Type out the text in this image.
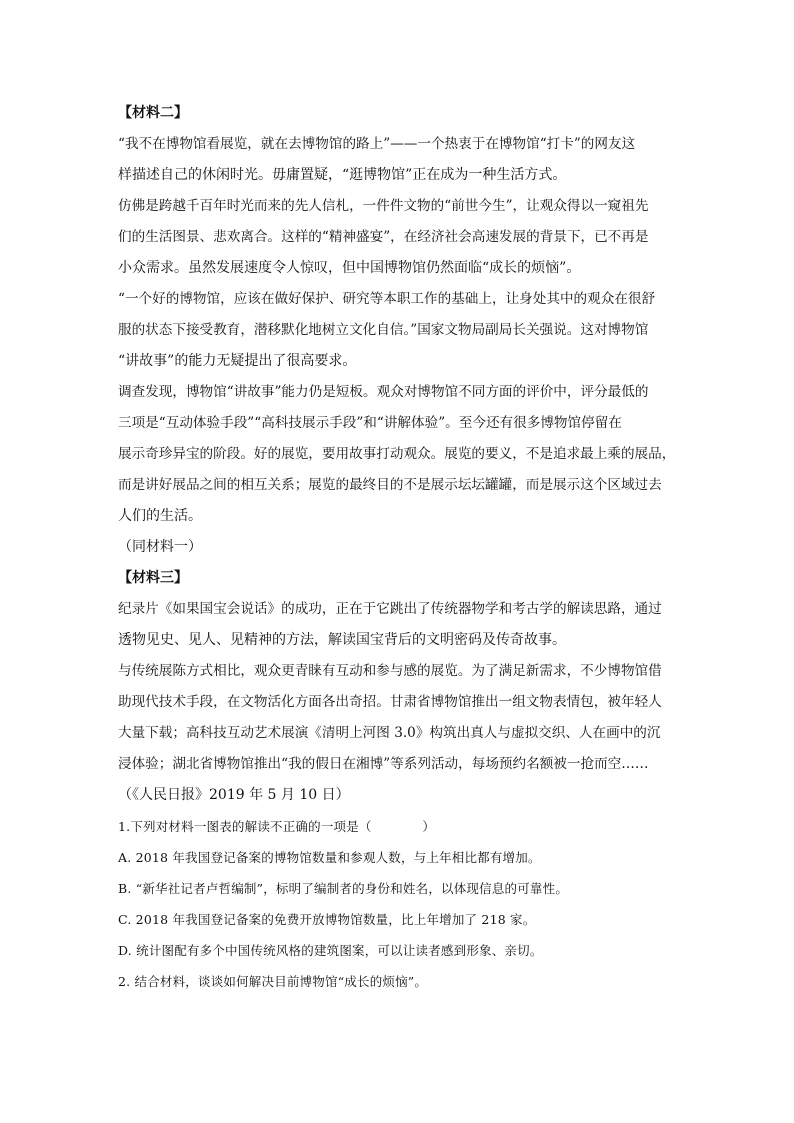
【材料二】
“我不在博物馆看展览，就在去博物馆的路上”——一个热衷于在博物馆“打卡”的网友这
样描述自己的休闲时光。毋庸置疑，“逛博物馆”正在成为一种生活方式。
仿佛是跨越千百年时光而来的先人信札，一件件文物的“前世今生”，让观众得以一窥祖先
们的生活图景、悲欢离合。这样的“精神盛宴”，在经济社会高速发展的背景下，已不再是
小众需求。虽然发展速度令人惊叹，但中国博物馆仍然面临“成长的烦恼”。
“一个好的博物馆，应该在做好保护、研究等本职工作的基础上，让身处其中的观众在很舒
服的状态下接受教育，潜移默化地树立文化自信。”国家文物局副局长关强说。这对博物馆
“讲故事”的能力无疑提出了很高要求。
调查发现，博物馆“讲故事”能力仍是短板。观众对博物馆不同方面的评价中，评分最低的
三项是“互动体验手段”“高科技展示手段”和“讲解体验”。至今还有很多博物馆停留在
展示奇珍异宝的阶段。好的展览，要用故事打动观众。展览的要义，不是追求最上乘的展品，
而是讲好展品之间的相互关系；展览的最终目的不是展示坛坛罐罐，而是展示这个区域过去
人们的生活。
（同材料一）
【材料三】
纪录片《如果国宝会说话》的成功，正在于它跳出了传统器物学和考古学的解读思路，通过
透物见史、见人、见精神的方法，解读国宝背后的文明密码及传奇故事。
与传统展陈方式相比，观众更青睐有互动和参与感的展览。为了满足新需求，不少博物馆借
助现代技术手段，在文物活化方面各出奇招。甘肃省博物馆推出一组文物表情包，被年轻人
大量下载；高科技互动艺术展演《清明上河图 3.0》构筑出真人与虚拟交织、人在画中的沉
浸体验；湖北省博物馆推出“我的假日在湘博”等系列活动，每场预约名额被一抢而空……
（《人民日报》2019 年 5 月 10 日）
1.下列对材料一图表的解读不正确的一项是（　　　　）
A. 2018 年我国登记备案的博物馆数量和参观人数，与上年相比都有增加。
B. “新华社记者卢哲编制”，标明了编制者的身份和姓名，以体现信息的可靠性。
C. 2018 年我国登记备案的免费开放博物馆数量，比上年增加了 218 家。
D. 统计图配有多个中国传统风格的建筑图案，可以让读者感到形象、亲切。
2. 结合材料，谈谈如何解决目前博物馆“成长的烦恼”。
